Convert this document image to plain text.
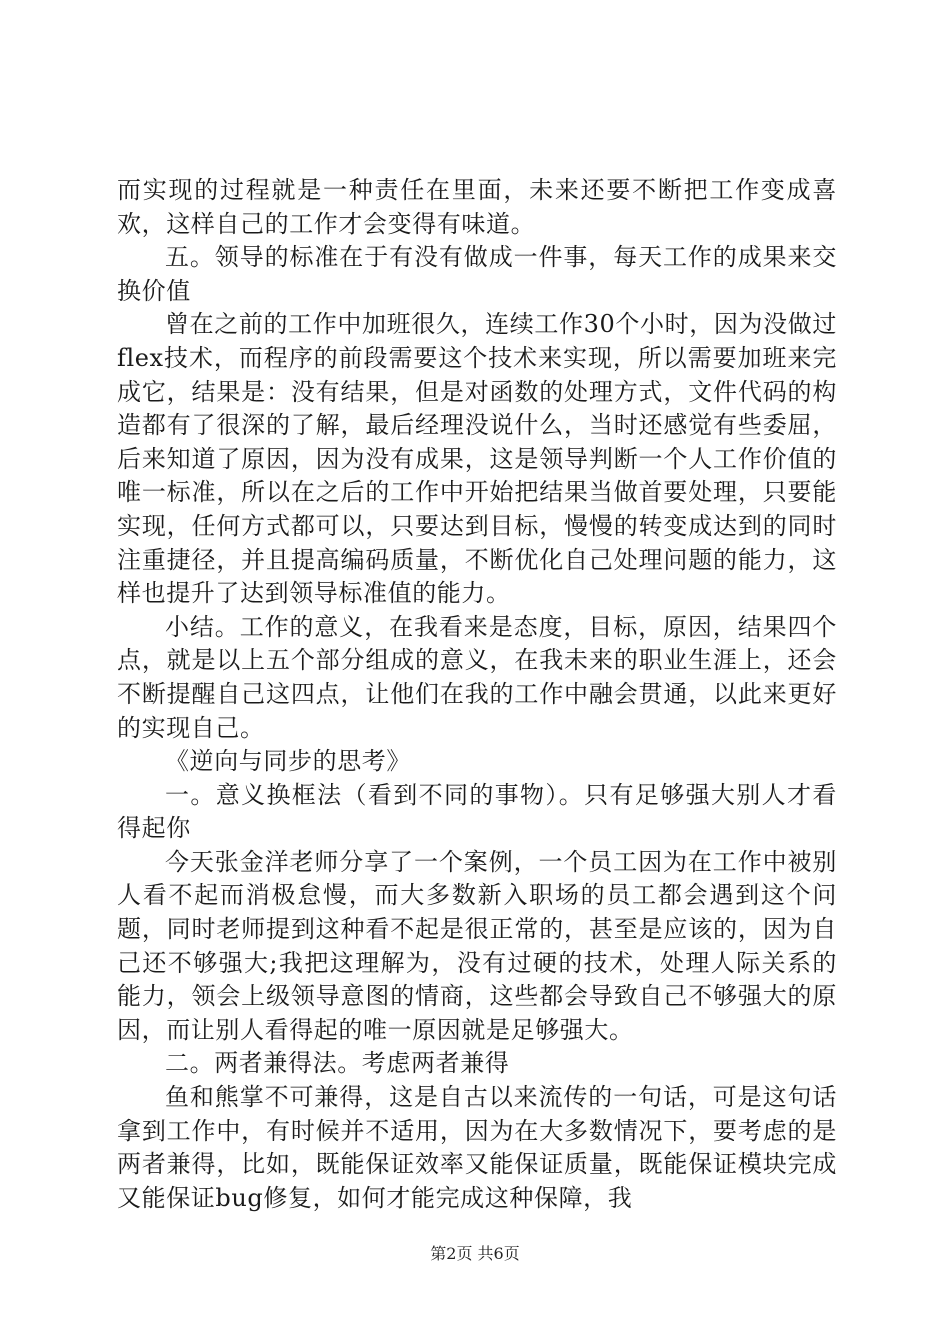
而实现的过程就是一种责任在里面，未来还要不断把工作变成喜欢，这样自己的工作才会变得有味道。

五。领导的标准在于有没有做成一件事，每天工作的成果来交换价值

曾在之前的工作中加班很久，连续工作30个小时，因为没做过flex技术，而程序的前段需要这个技术来实现，所以需要加班来完成它，结果是：没有结果，但是对函数的处理方式，文件代码的构造都有了很深的了解，最后经理没说什么，当时还感觉有些委屈，后来知道了原因，因为没有成果，这是领导判断一个人工作价值的唯一标准，所以在之后的工作中开始把结果当做首要处理，只要能实现，任何方式都可以，只要达到目标，慢慢的转变成达到的同时注重捷径，并且提高编码质量，不断优化自己处理问题的能力，这样也提升了达到领导标准值的能力。

小结。工作的意义，在我看来是态度，目标，原因，结果四个点，就是以上五个部分组成的意义，在我未来的职业生涯上，还会不断提醒自己这四点，让他们在我的工作中融会贯通，以此来更好的实现自己。

《逆向与同步的思考》

一。意义换框法（看到不同的事物）。只有足够强大别人才看得起你

今天张金洋老师分享了一个案例，一个员工因为在工作中被别人看不起而消极怠慢，而大多数新入职场的员工都会遇到这个问题，同时老师提到这种看不起是很正常的，甚至是应该的，因为自己还不够强大;我把这理解为，没有过硬的技术，处理人际关系的能力，领会上级领导意图的情商，这些都会导致自己不够强大的原因，而让别人看得起的唯一原因就是足够强大。

二。两者兼得法。考虑两者兼得

鱼和熊掌不可兼得，这是自古以来流传的一句话，可是这句话拿到工作中，有时候并不适用，因为在大多数情况下，要考虑的是两者兼得，比如，既能保证效率又能保证质量，既能保证模块完成又能保证bug修复，如何才能完成这种保障，我

第2页 共6页
